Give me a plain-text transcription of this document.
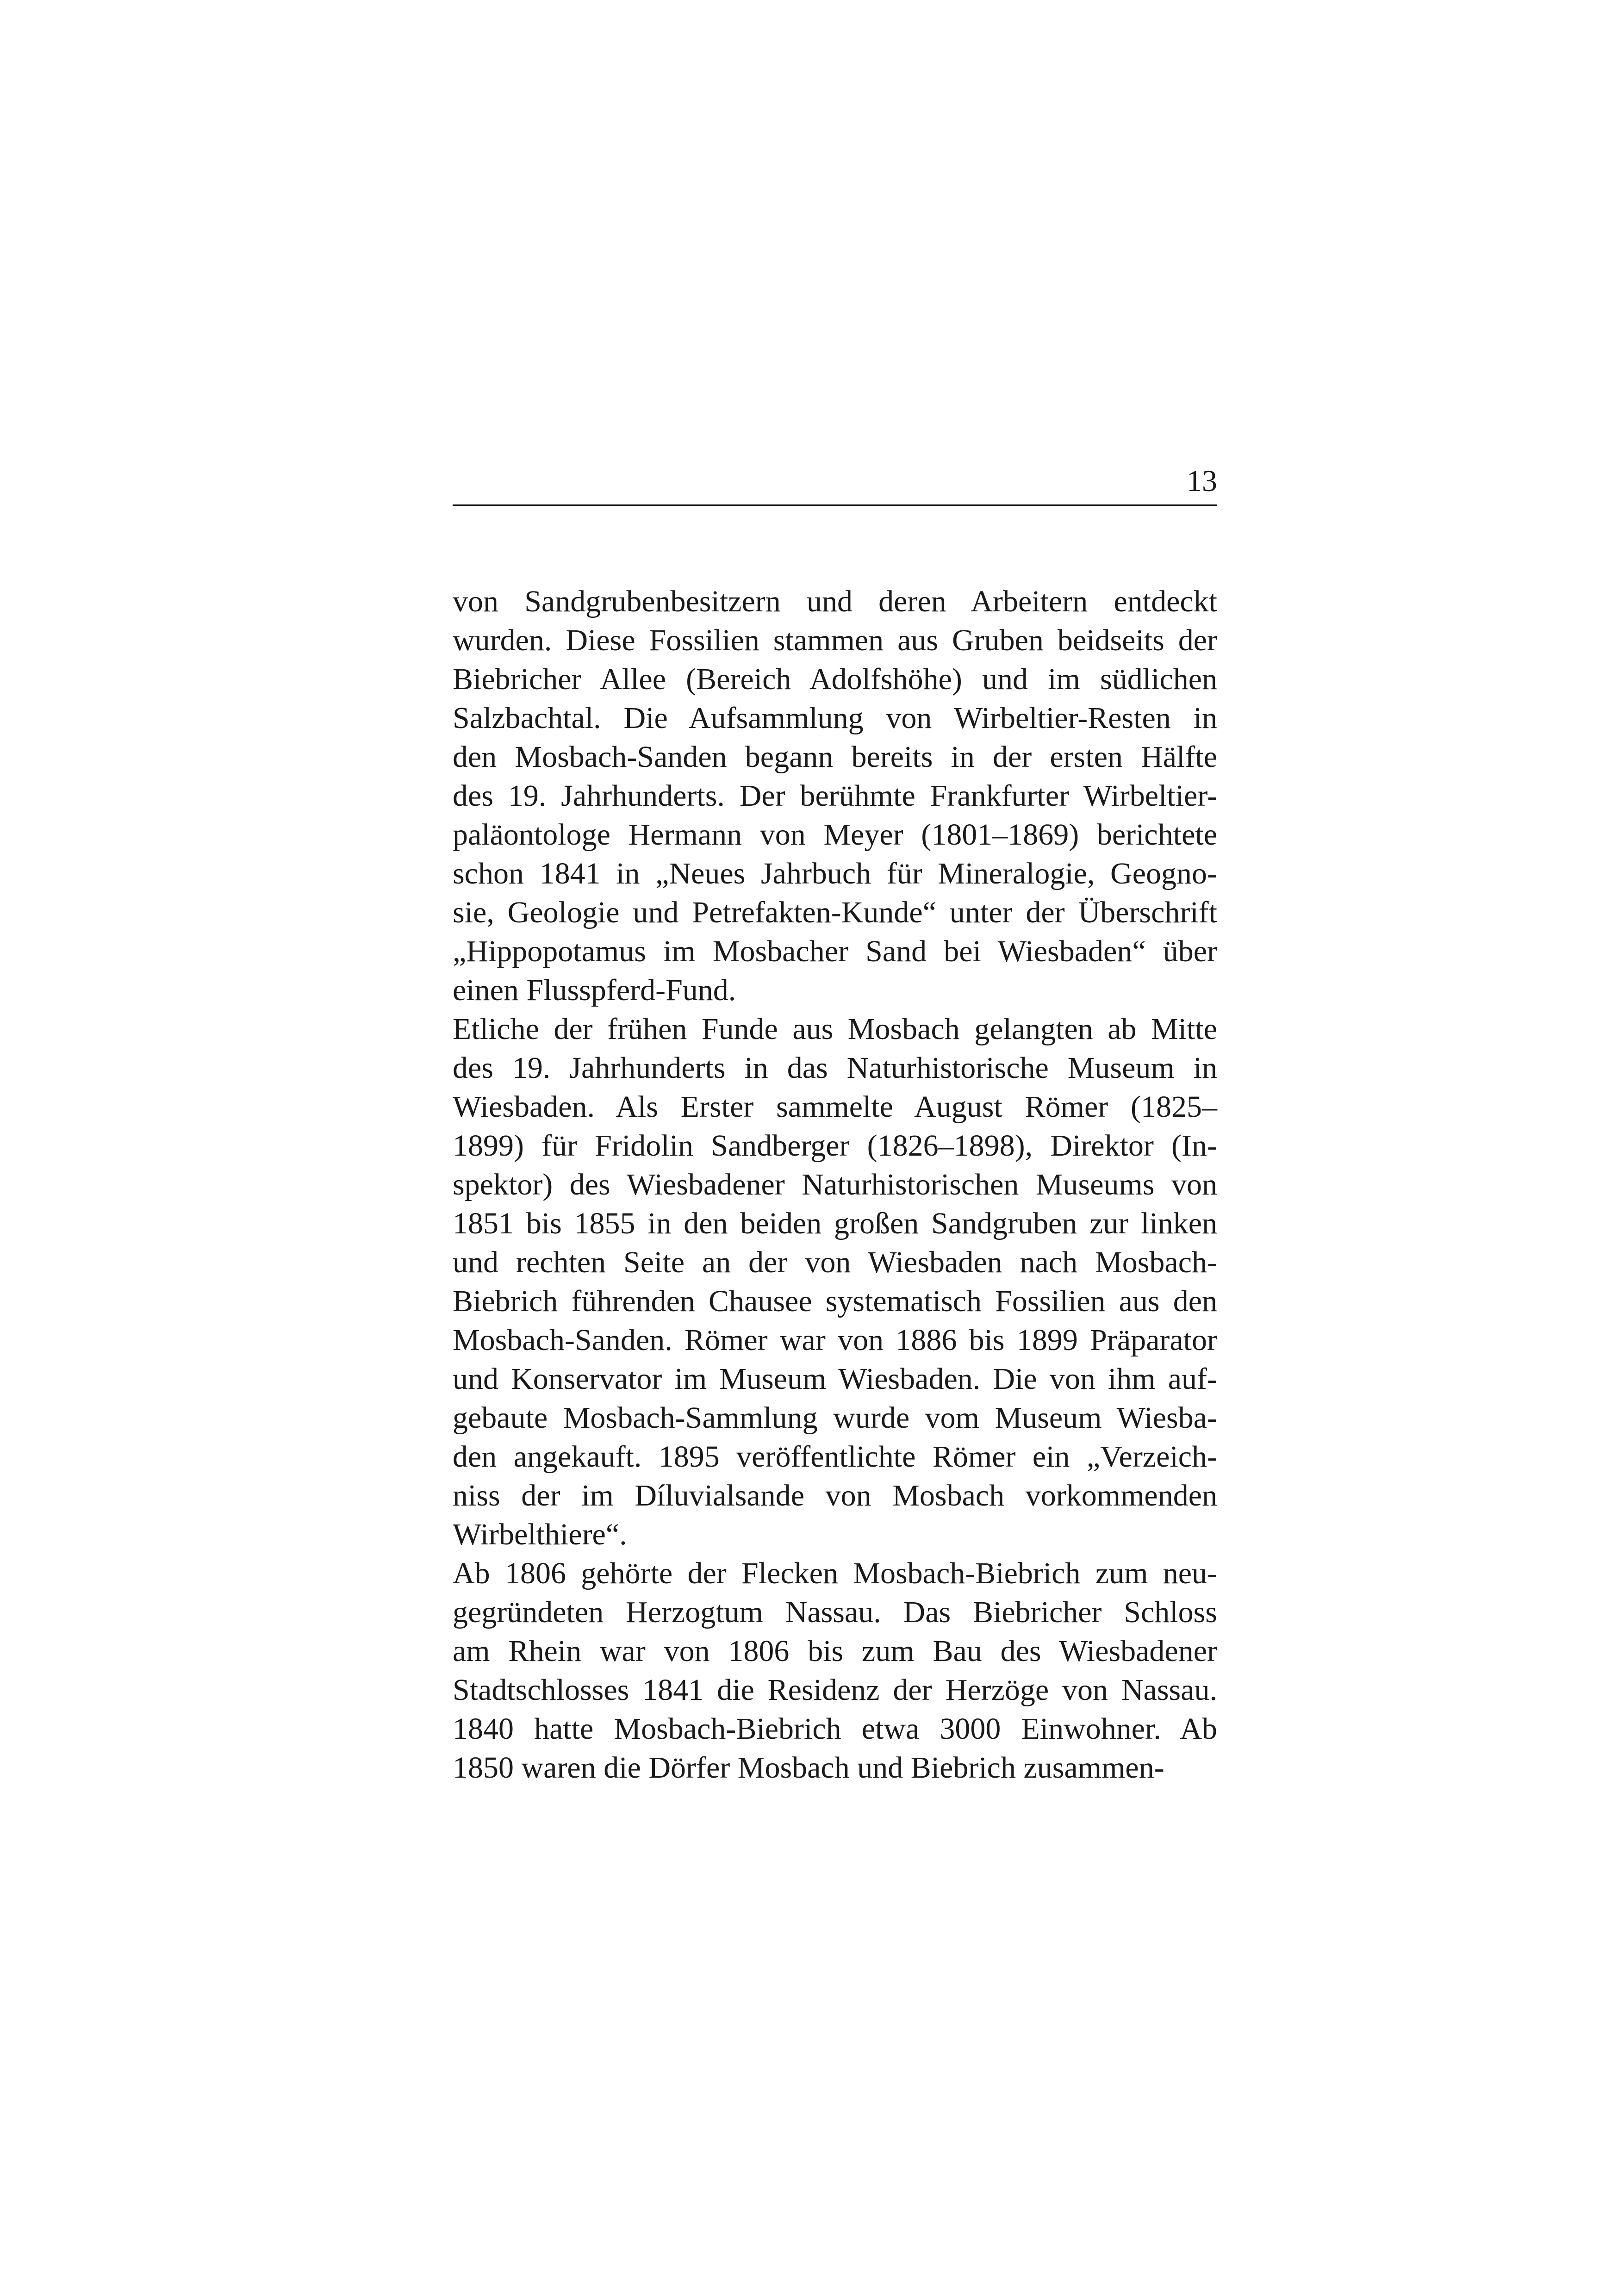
13
von Sandgrubenbesitzern und deren Arbeitern entdeckt
wurden. Diese Fossilien stammen aus Gruben beidseits der
Biebricher Allee (Bereich Adolfshöhe) und im südlichen
Salzbachtal. Die Aufsammlung von Wirbeltier-Resten in
den Mosbach-Sanden begann bereits in der ersten Hälfte
des 19. Jahrhunderts. Der berühmte Frankfurter Wirbeltier-
paläontologe Hermann von Meyer (1801–1869) berichtete
schon 1841 in „Neues Jahrbuch für Mineralogie, Geogno-
sie, Geologie und Petrefakten-Kunde“ unter der Überschrift
„Hippopotamus im Mosbacher Sand bei Wiesbaden“ über
einen Flusspferd-Fund.
Etliche der frühen Funde aus Mosbach gelangten ab Mitte
des 19. Jahrhunderts in das Naturhistorische Museum in
Wiesbaden. Als Erster sammelte August Römer (1825–
1899) für Fridolin Sandberger (1826–1898), Direktor (In-
spektor) des Wiesbadener Naturhistorischen Museums von
1851 bis 1855 in den beiden großen Sandgruben zur linken
und rechten Seite an der von Wiesbaden nach Mosbach-
Biebrich führenden Chausee systematisch Fossilien aus den
Mosbach-Sanden. Römer war von 1886 bis 1899 Präparator
und Konservator im Museum Wiesbaden. Die von ihm auf-
gebaute Mosbach-Sammlung wurde vom Museum Wiesba-
den angekauft. 1895 veröffentlichte Römer ein „Verzeich-
niss der im Díluvialsande von Mosbach vorkommenden
Wirbelthiere“.
Ab 1806 gehörte der Flecken Mosbach-Biebrich zum neu-
gegründeten Herzogtum Nassau. Das Biebricher Schloss
am Rhein war von 1806 bis zum Bau des Wiesbadener
Stadtschlosses 1841 die Residenz der Herzöge von Nassau.
1840 hatte Mosbach-Biebrich etwa 3000 Einwohner. Ab
1850 waren die Dörfer Mosbach und Biebrich zusammen-
